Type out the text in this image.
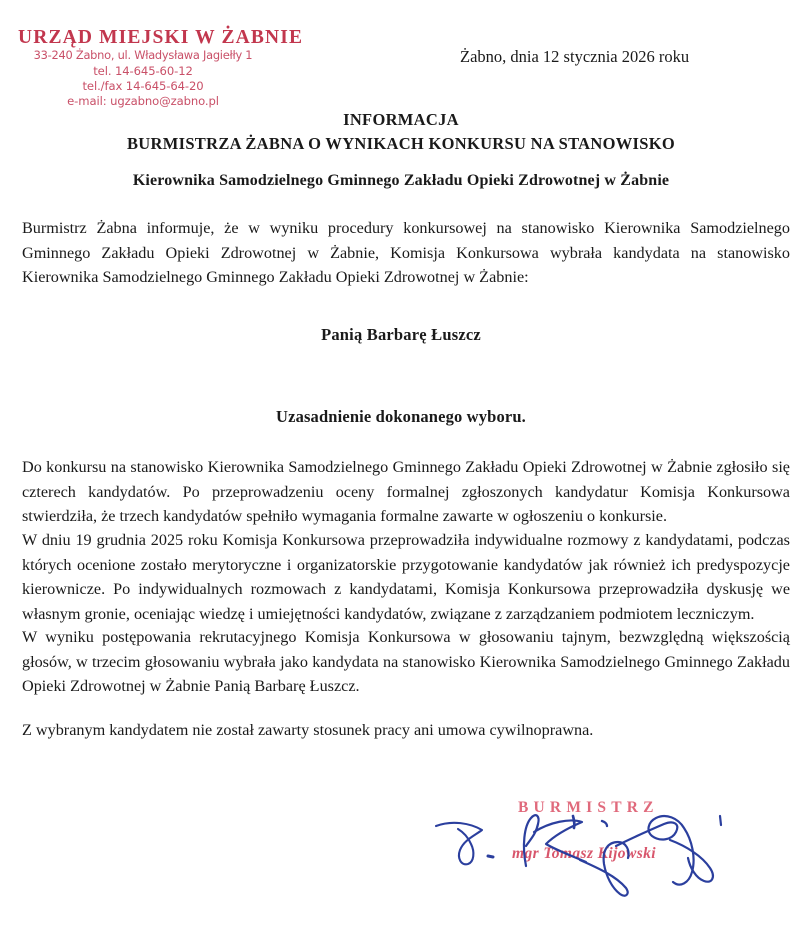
URZĄD MIEJSKI W ŻABNIE
33-240 Żabno, ul. Władysława Jagiełły 1
tel. 14-645-60-12
tel./fax 14-645-64-20
e-mail: ugzabno@zabno.pl
Żabno, dnia 12 stycznia 2026 roku
INFORMACJA
BURMISTRZA ŻABNA O WYNIKACH KONKURSU NA STANOWISKO
Kierownika Samodzielnego Gminnego Zakładu Opieki Zdrowotnej w Żabnie
Burmistrz Żabna informuje, że w wyniku procedury konkursowej na stanowisko Kierownika Samodzielnego Gminnego Zakładu Opieki Zdrowotnej w Żabnie, Komisja Konkursowa wybrała kandydata na stanowisko Kierownika Samodzielnego Gminnego Zakładu Opieki Zdrowotnej w Żabnie:
Panią Barbarę Łuszcz
Uzasadnienie dokonanego wyboru.
Do konkursu na stanowisko Kierownika Samodzielnego Gminnego Zakładu Opieki Zdrowotnej w Żabnie zgłosiło się czterech kandydatów. Po przeprowadzeniu oceny formalnej zgłoszonych kandydatur Komisja Konkursowa stwierdziła, że trzech kandydatów spełniło wymagania formalne zawarte w ogłoszeniu o konkursie.
W dniu 19 grudnia 2025 roku Komisja Konkursowa przeprowadziła indywidualne rozmowy z kandydatami, podczas których ocenione zostało merytoryczne i organizatorskie przygotowanie kandydatów jak również ich predyspozycje kierownicze. Po indywidualnych rozmowach z kandydatami, Komisja Konkursowa przeprowadziła dyskusję we własnym gronie, oceniając wiedzę i umiejętności kandydatów, związane z zarządzaniem podmiotem leczniczym.
W wyniku postępowania rekrutacyjnego Komisja Konkursowa w głosowaniu tajnym, bezwzględną większością głosów, w trzecim głosowaniu wybrała jako kandydata na stanowisko Kierownika Samodzielnego Gminnego Zakładu Opieki Zdrowotnej w Żabnie Panią Barbarę Łuszcz.
Z wybranym kandydatem nie został zawarty stosunek pracy ani umowa cywilnoprawna.
BURMISTRZ
mgr Tomasz Kijowski
